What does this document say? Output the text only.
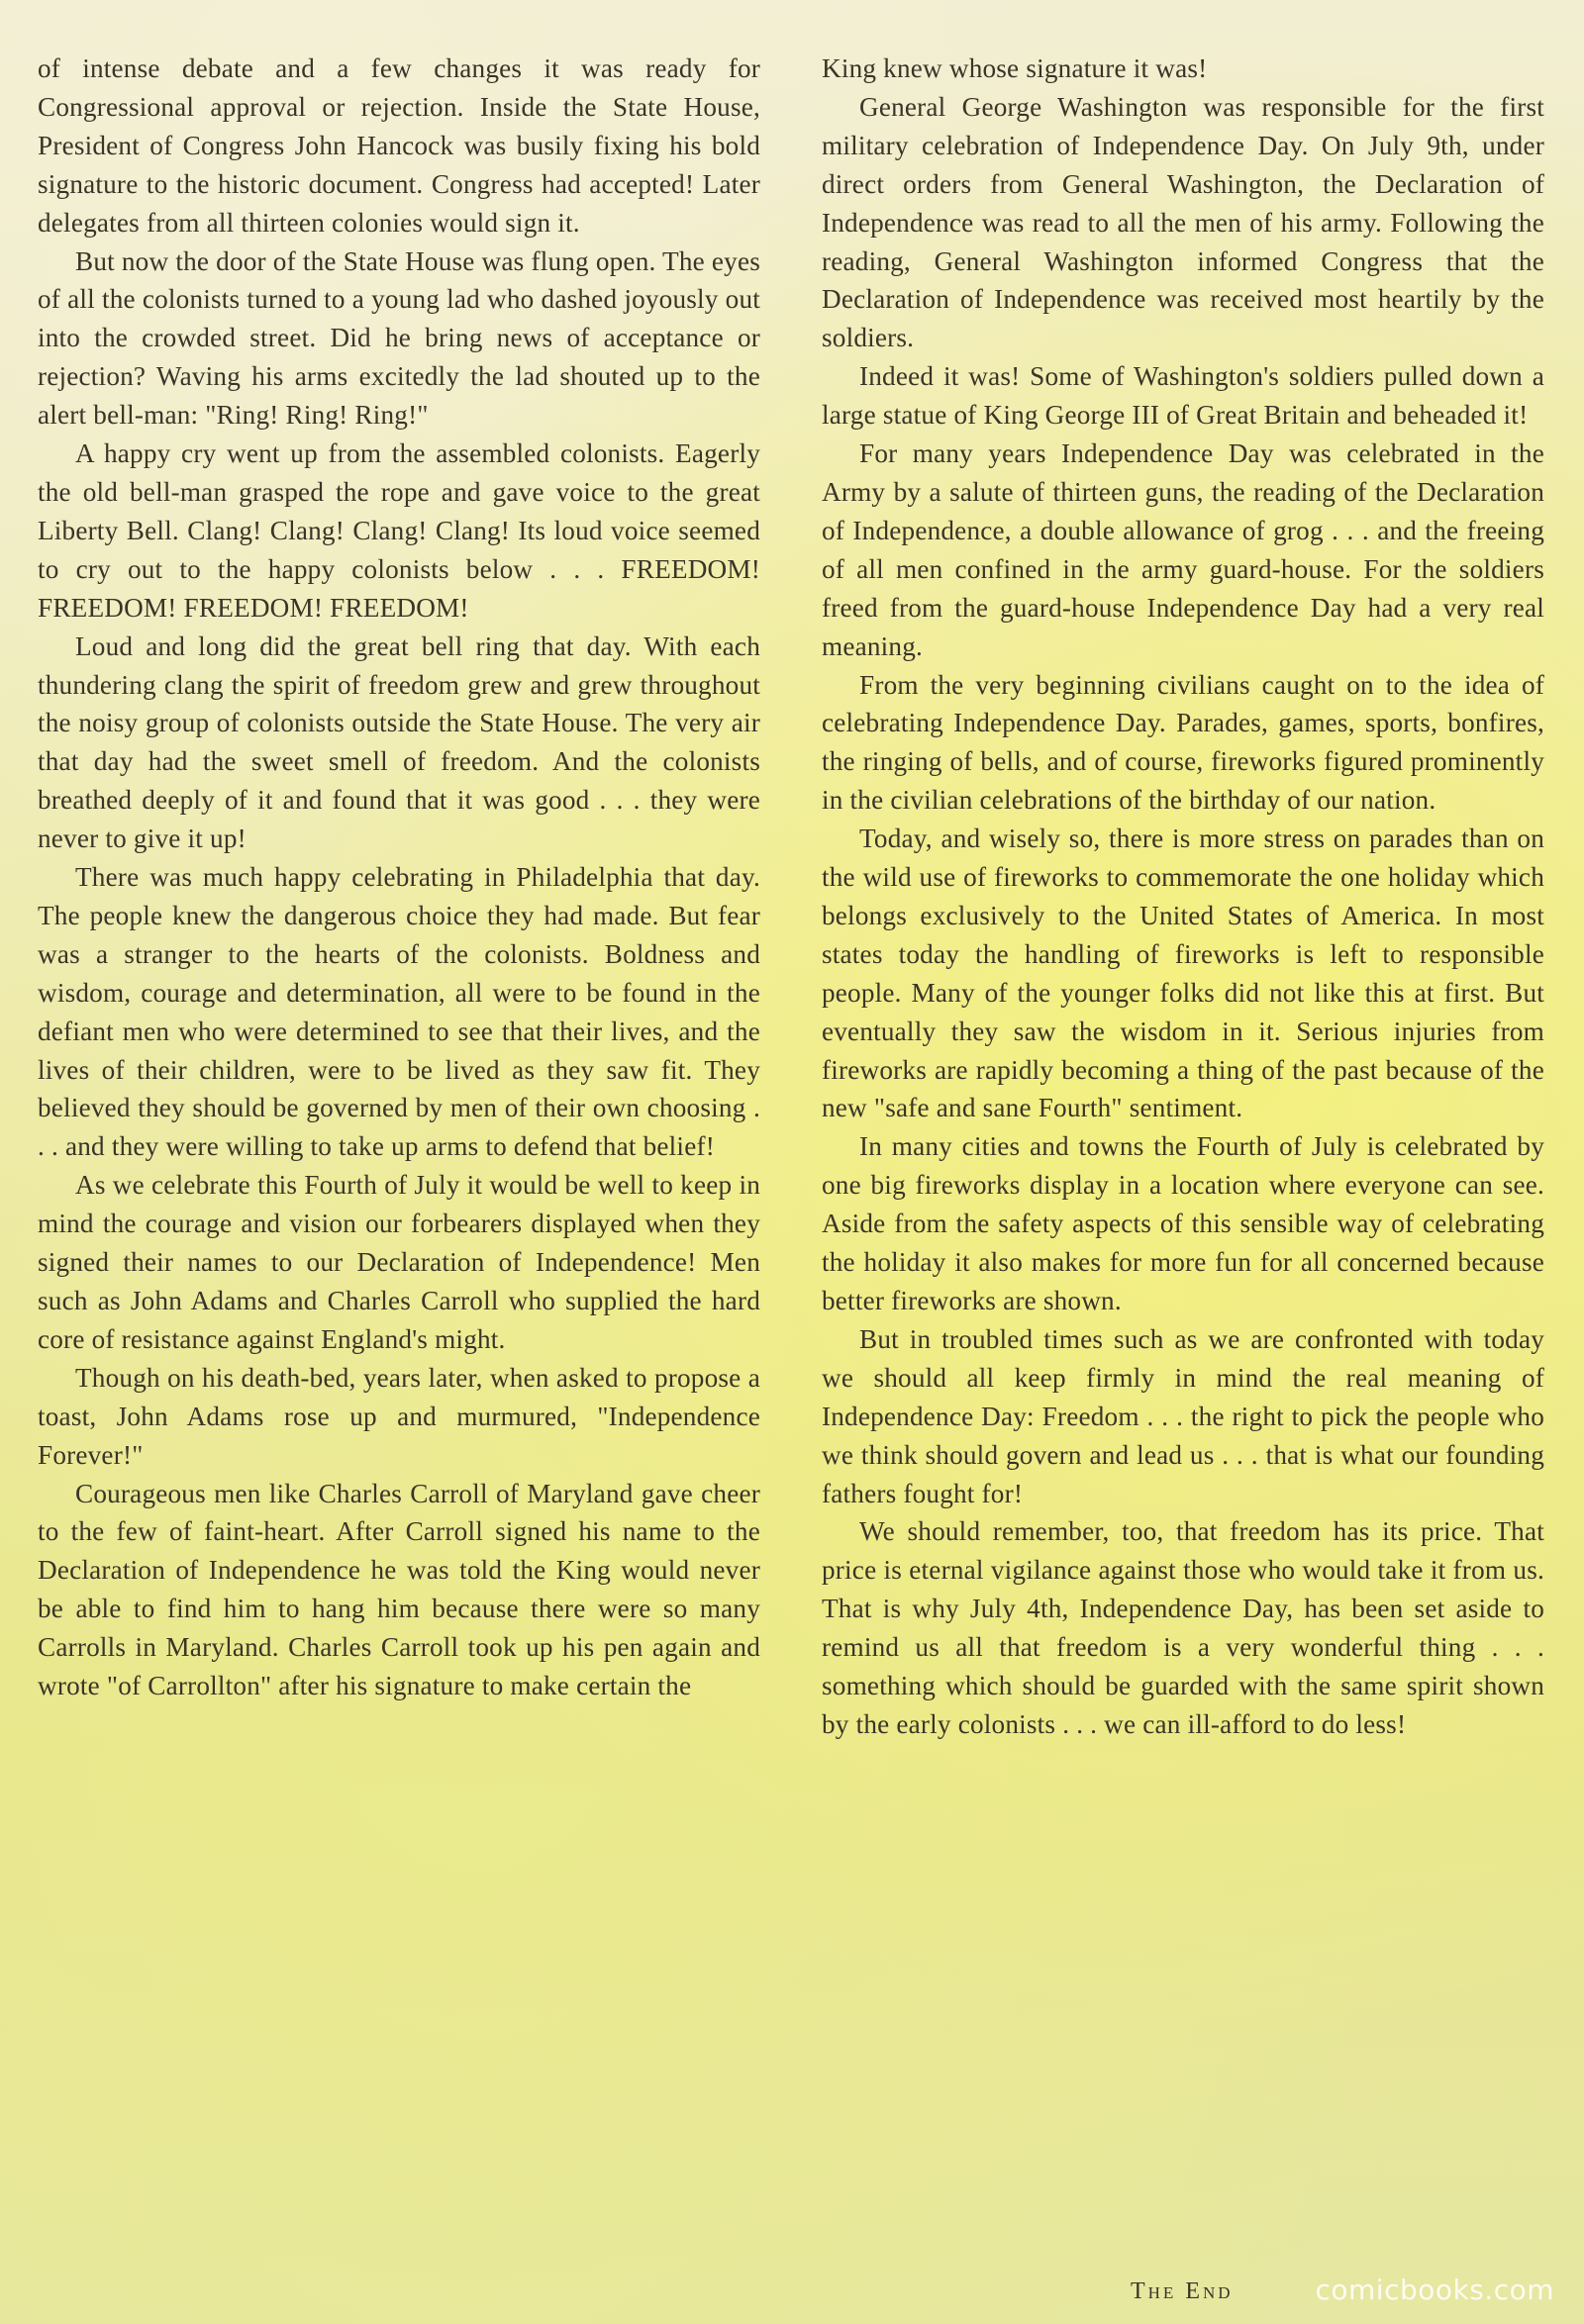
of intense debate and a few changes it was ready for Congressional approval or rejection. Inside the State House, President of Congress John Hancock was busily fixing his bold signature to the historic document. Congress had accepted! Later delegates from all thirteen colonies would sign it.

But now the door of the State House was flung open. The eyes of all the colonists turned to a young lad who dashed joyously out into the crowded street. Did he bring news of acceptance or rejection? Waving his arms excitedly the lad shouted up to the alert bell-man: "Ring! Ring! Ring!"

A happy cry went up from the assembled colonists. Eagerly the old bell-man grasped the rope and gave voice to the great Liberty Bell. Clang! Clang! Clang! Clang! Its loud voice seemed to cry out to the happy colonists below . . . FREEDOM! FREEDOM! FREEDOM! FREEDOM!

Loud and long did the great bell ring that day. With each thundering clang the spirit of freedom grew and grew throughout the noisy group of colonists outside the State House. The very air that day had the sweet smell of freedom. And the colonists breathed deeply of it and found that it was good . . . they were never to give it up!

There was much happy celebrating in Philadelphia that day. The people knew the dangerous choice they had made. But fear was a stranger to the hearts of the colonists. Boldness and wisdom, courage and determination, all were to be found in the defiant men who were determined to see that their lives, and the lives of their children, were to be lived as they saw fit. They believed they should be governed by men of their own choosing . . . and they were willing to take up arms to defend that belief!

As we celebrate this Fourth of July it would be well to keep in mind the courage and vision our forbearers displayed when they signed their names to our Declaration of Independence! Men such as John Adams and Charles Carroll who supplied the hard core of resistance against England's might.

Though on his death-bed, years later, when asked to propose a toast, John Adams rose up and murmured, "Independence Forever!"

Courageous men like Charles Carroll of Maryland gave cheer to the few of faint-heart. After Carroll signed his name to the Declaration of Independence he was told the King would never be able to find him to hang him because there were so many Carrolls in Maryland. Charles Carroll took up his pen again and wrote "of Carrollton" after his signature to make certain the

King knew whose signature it was!

General George Washington was responsible for the first military celebration of Independence Day. On July 9th, under direct orders from General Washington, the Declaration of Independence was read to all the men of his army. Following the reading, General Washington informed Congress that the Declaration of Independence was received most heartily by the soldiers.

Indeed it was! Some of Washington's soldiers pulled down a large statue of King George III of Great Britain and beheaded it!

For many years Independence Day was celebrated in the Army by a salute of thirteen guns, the reading of the Declaration of Independence, a double allowance of grog . . . and the freeing of all men confined in the army guard-house. For the soldiers freed from the guard-house Independence Day had a very real meaning.

From the very beginning civilians caught on to the idea of celebrating Independence Day. Parades, games, sports, bonfires, the ringing of bells, and of course, fireworks figured prominently in the civilian celebrations of the birthday of our nation.

Today, and wisely so, there is more stress on parades than on the wild use of fireworks to commemorate the one holiday which belongs exclusively to the United States of America. In most states today the handling of fireworks is left to responsible people. Many of the younger folks did not like this at first. But eventually they saw the wisdom in it. Serious injuries from fireworks are rapidly becoming a thing of the past because of the new "safe and sane Fourth" sentiment.

In many cities and towns the Fourth of July is celebrated by one big fireworks display in a location where everyone can see. Aside from the safety aspects of this sensible way of celebrating the holiday it also makes for more fun for all concerned because better fireworks are shown.

But in troubled times such as we are confronted with today we should all keep firmly in mind the real meaning of Independence Day: Freedom . . . the right to pick the people who we think should govern and lead us . . . that is what our founding fathers fought for!

We should remember, too, that freedom has its price. That price is eternal vigilance against those who would take it from us. That is why July 4th, Independence Day, has been set aside to remind us all that freedom is a very wonderful thing . . . something which should be guarded with the same spirit shown by the early colonists . . . we can ill-afford to do less!

The End	comicbooks.com
